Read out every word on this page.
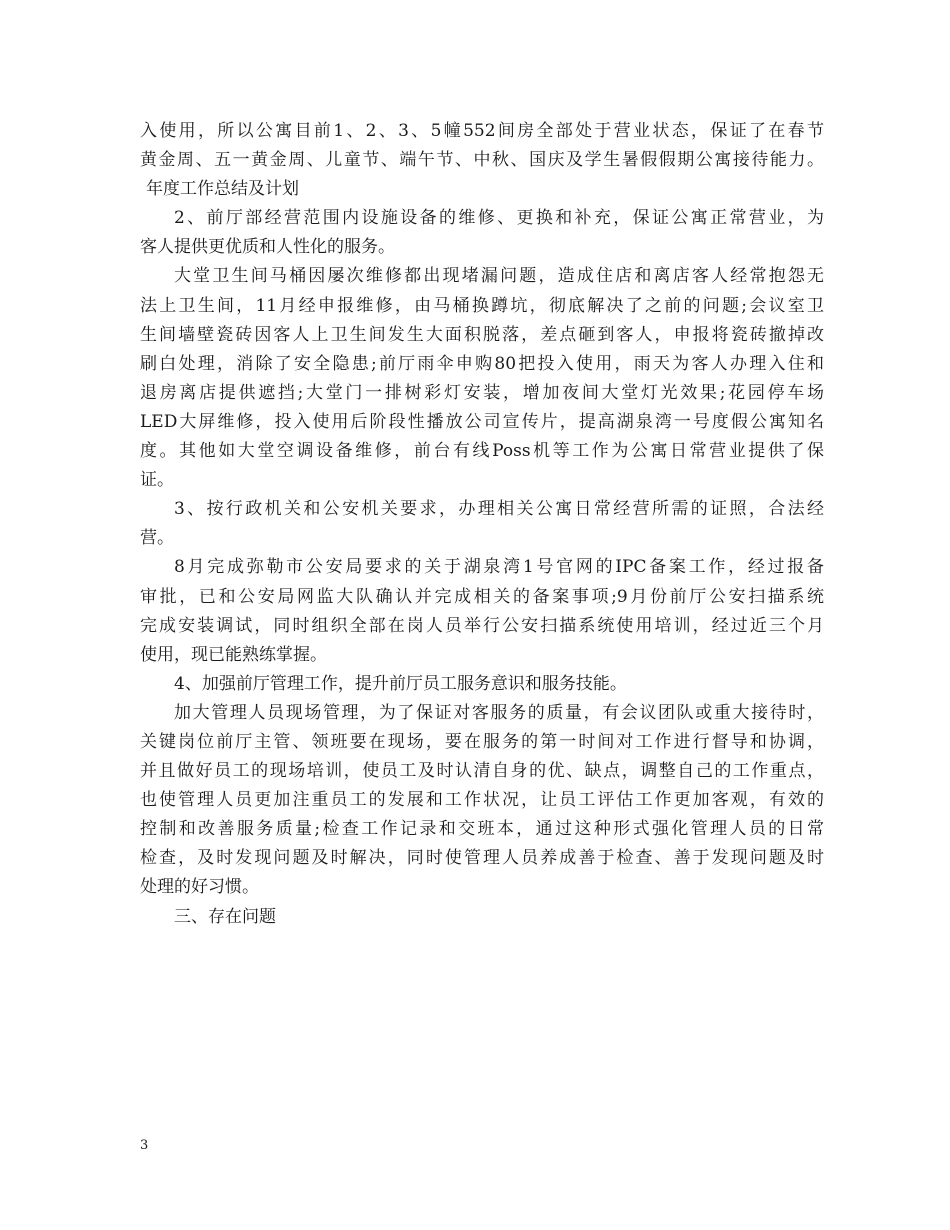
入使用，所以公寓目前1、2、3、5幢552间房全部处于营业状态，保证了在春节
黄金周、五一黄金周、儿童节、端午节、中秋、国庆及学生暑假假期公寓接待能力。
年度工作总结及计划
2、前厅部经营范围内设施设备的维修、更换和补充，保证公寓正常营业，为
客人提供更优质和人性化的服务。
大堂卫生间马桶因屡次维修都出现堵漏问题，造成住店和离店客人经常抱怨无
法上卫生间，11月经申报维修，由马桶换蹲坑，彻底解决了之前的问题;会议室卫
生间墙壁瓷砖因客人上卫生间发生大面积脱落，差点砸到客人，申报将瓷砖撤掉改
刷白处理，消除了安全隐患;前厅雨伞申购80把投入使用，雨天为客人办理入住和
退房离店提供遮挡;大堂门一排树彩灯安装，增加夜间大堂灯光效果;花园停车场
LED大屏维修，投入使用后阶段性播放公司宣传片，提高湖泉湾一号度假公寓知名
度。其他如大堂空调设备维修，前台有线Poss机等工作为公寓日常营业提供了保
证。
3、按行政机关和公安机关要求，办理相关公寓日常经营所需的证照，合法经
营。
8月完成弥勒市公安局要求的关于湖泉湾1号官网的IPC备案工作，经过报备
审批，已和公安局网监大队确认并完成相关的备案事项;9月份前厅公安扫描系统
完成安装调试，同时组织全部在岗人员举行公安扫描系统使用培训，经过近三个月
使用，现已能熟练掌握。
4、加强前厅管理工作，提升前厅员工服务意识和服务技能。
加大管理人员现场管理，为了保证对客服务的质量，有会议团队或重大接待时，
关键岗位前厅主管、领班要在现场，要在服务的第一时间对工作进行督导和协调，
并且做好员工的现场培训，使员工及时认清自身的优、缺点，调整自己的工作重点，
也使管理人员更加注重员工的发展和工作状况，让员工评估工作更加客观，有效的
控制和改善服务质量;检查工作记录和交班本，通过这种形式强化管理人员的日常
检查，及时发现问题及时解决，同时使管理人员养成善于检查、善于发现问题及时
处理的好习惯。
三、存在问题
3
